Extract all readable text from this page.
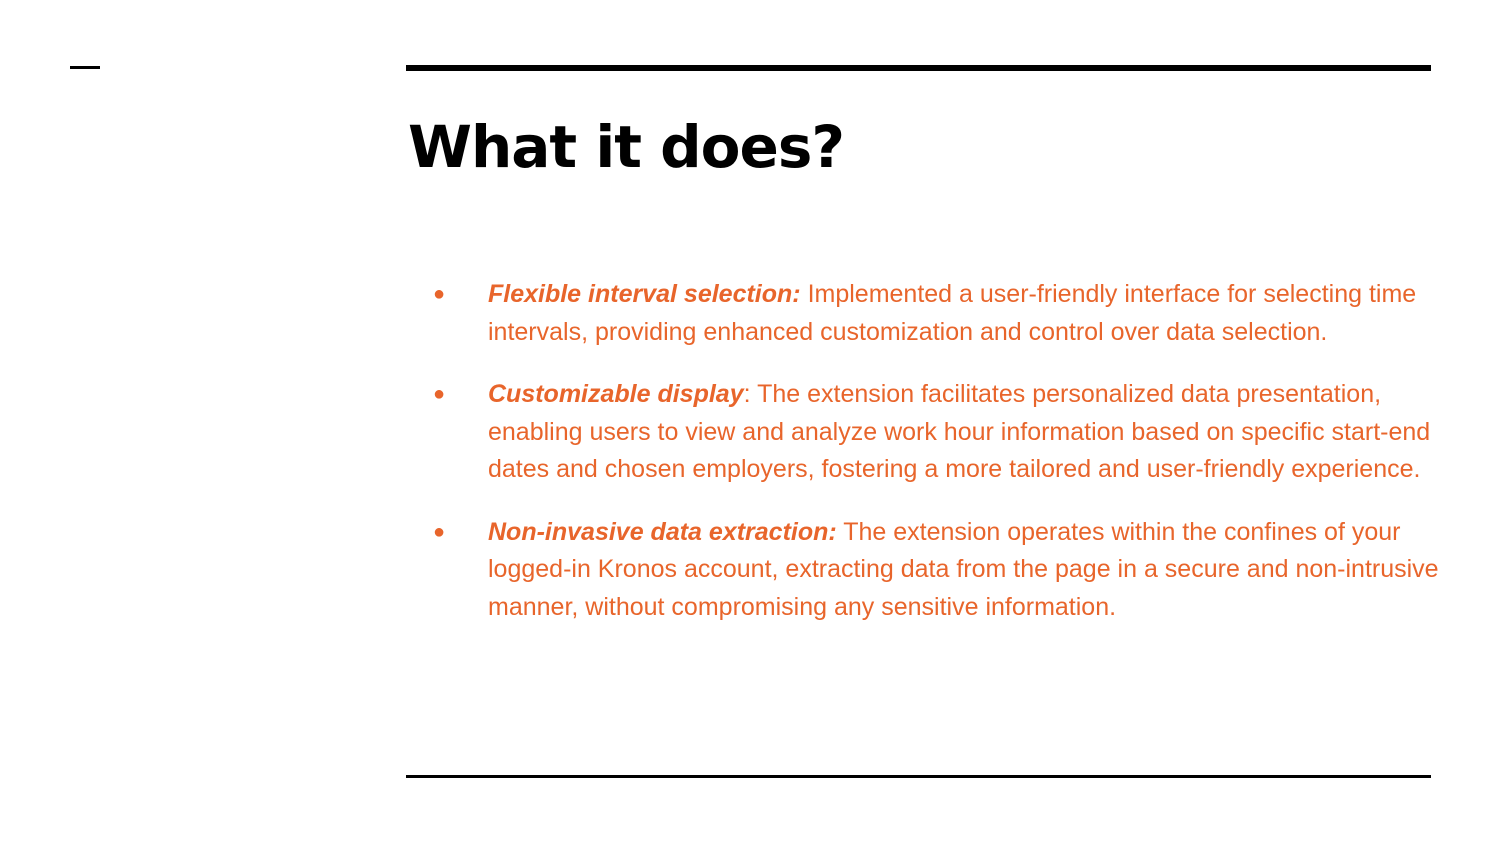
What it does?
●	Flexible interval selection: Implemented a user-friendly interface for selecting time intervals, providing enhanced customization and control over data selection.
●	Customizable display: The extension facilitates personalized data presentation, enabling users to view and analyze work hour information based on specific start-end dates and chosen employers, fostering a more tailored and user-friendly experience.
●	Non-invasive data extraction: The extension operates within the confines of your logged-in Kronos account, extracting data from the page in a secure and non-intrusive manner, without compromising any sensitive information.
